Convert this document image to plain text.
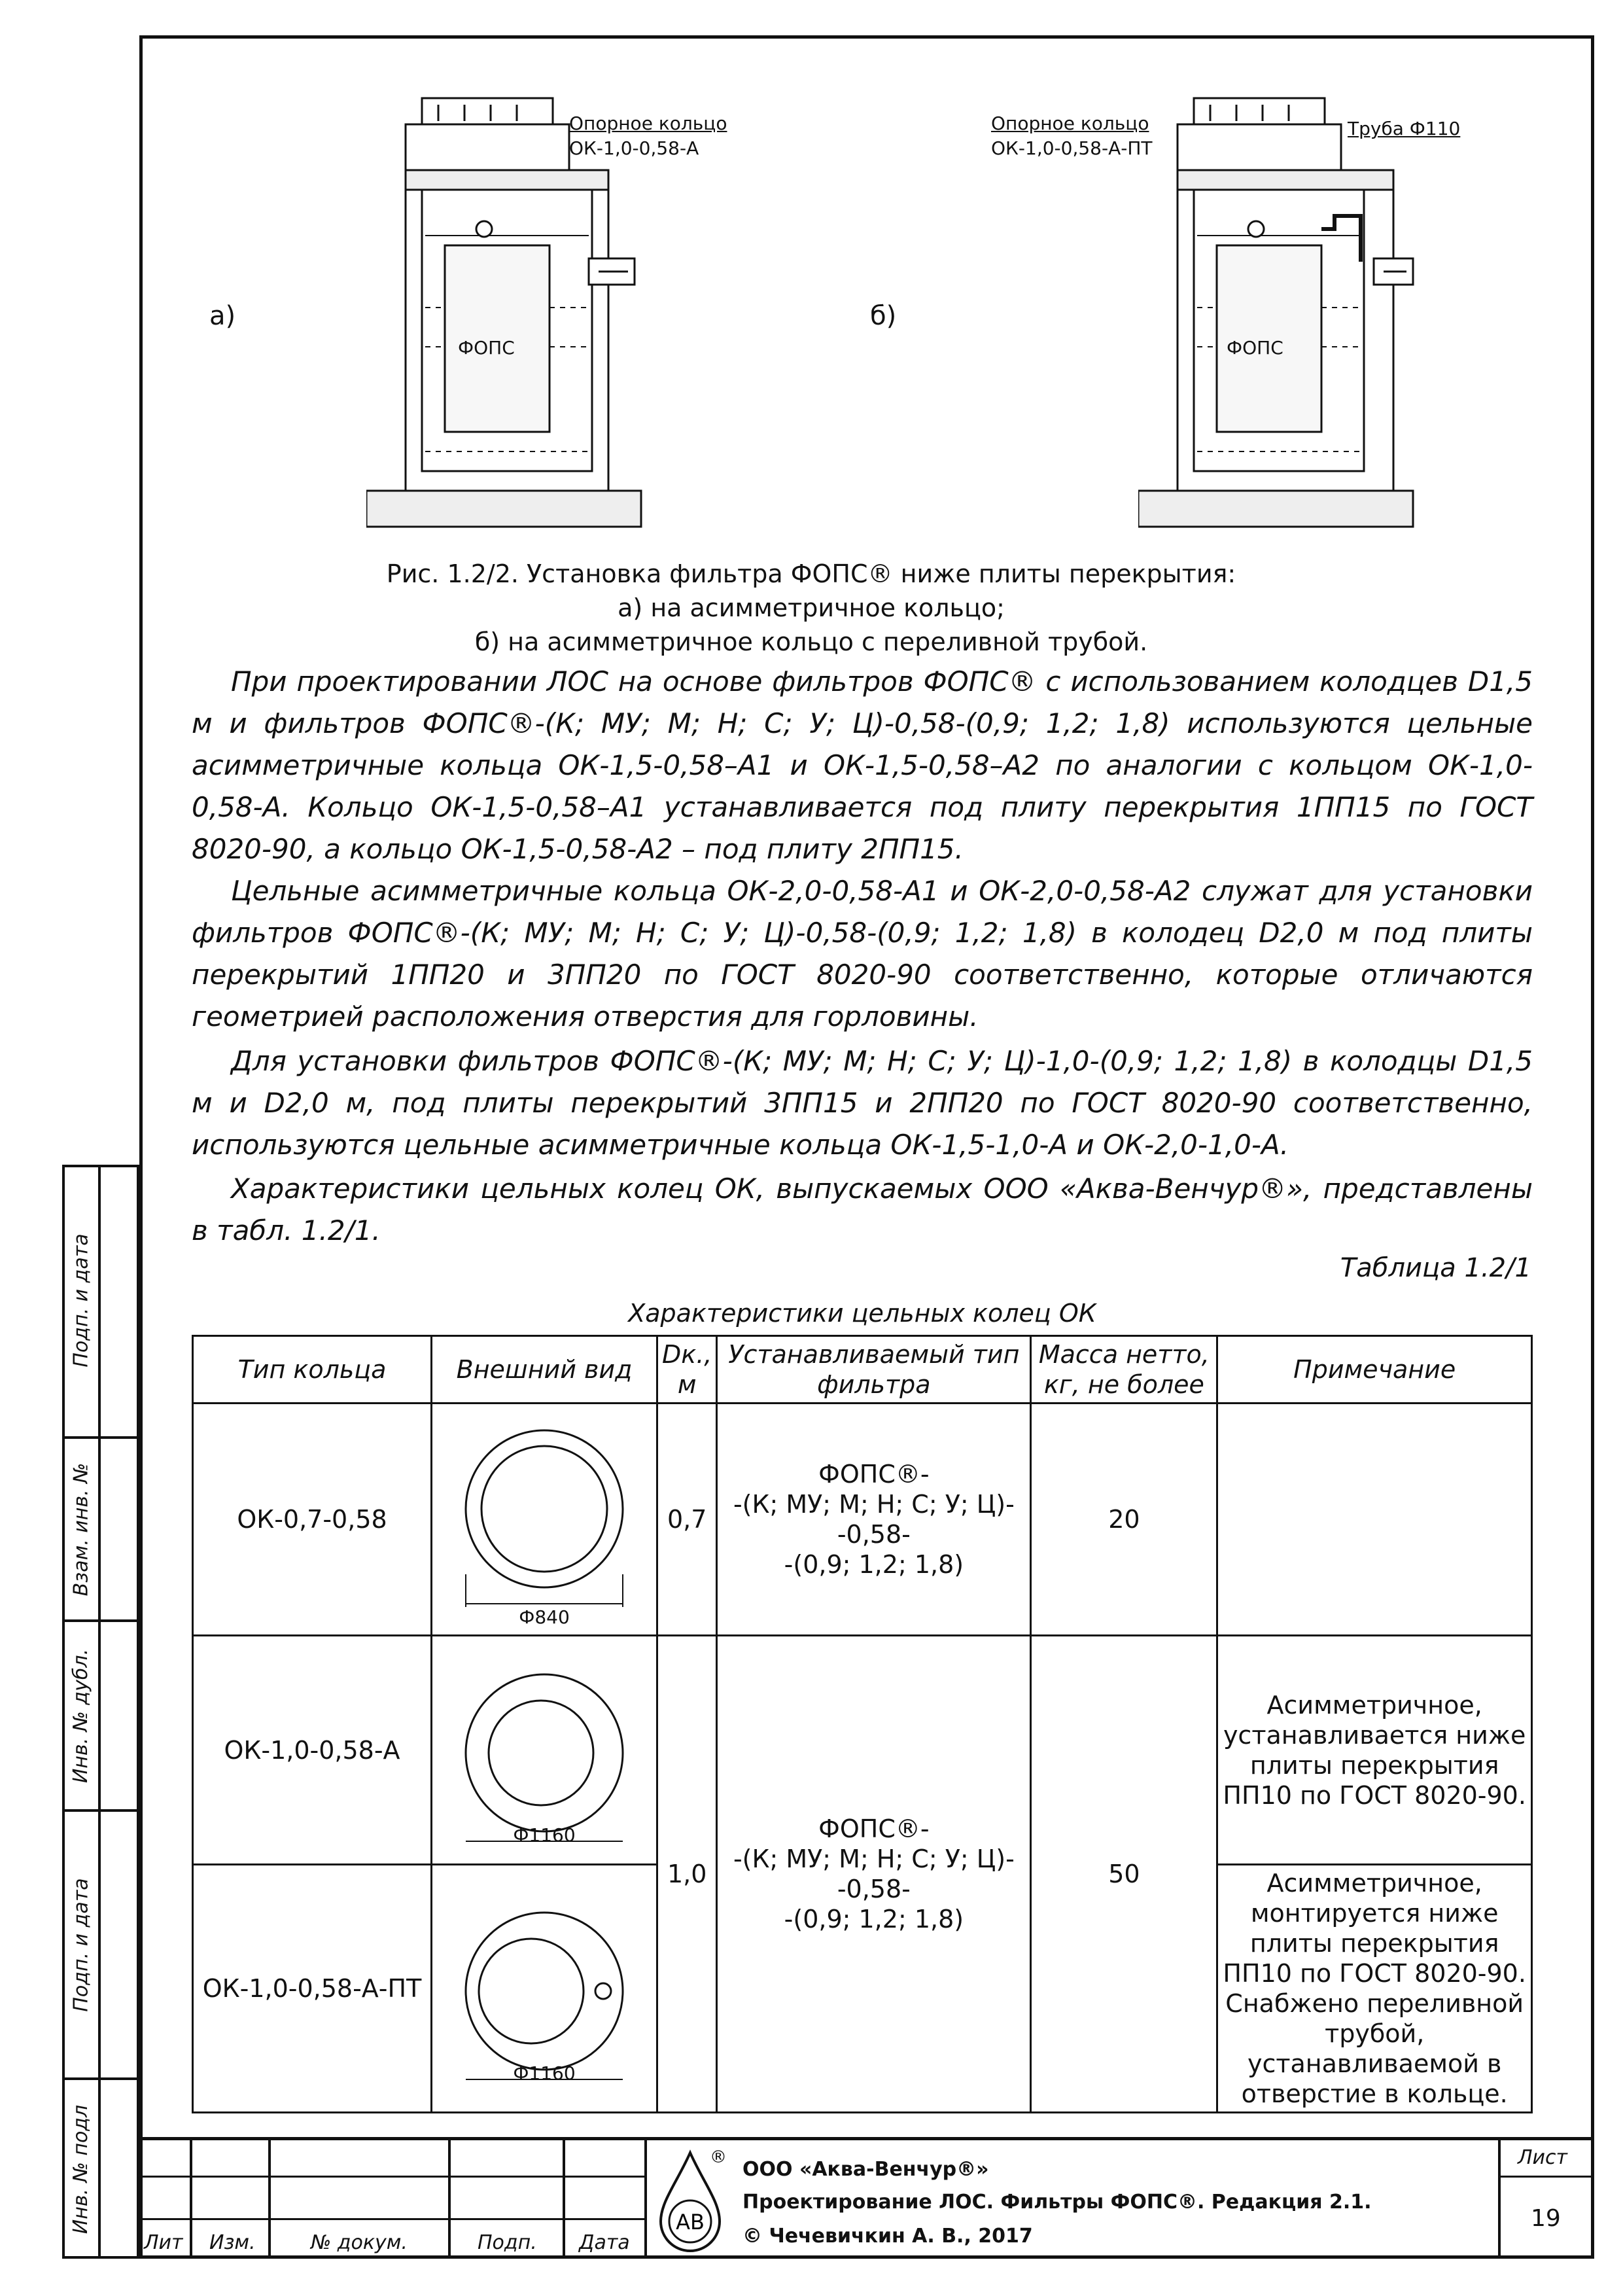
Подп. и дата
Взам. инв. №
Инв. № дубл.
Подп. и дата
Инв. № подл
а)
Опорное кольцо
ОК-1,0-0,58-А
ФОПС
б)
Опорное кольцо
ОК-1,0-0,58-А-ПТ
Труба Ф110
ФОПС
Рис. 1.2/2. Установка фильтра ФОПС® ниже плиты перекрытия:
а) на асимметричное кольцо;
б) на асимметричное кольцо с переливной трубой.
При проектировании ЛОС на основе фильтров ФОПС® с использованием колодцев D1,5 м и фильтров ФОПС®-(К; МУ; М; Н; С; У; Ц)-0,58-(0,9; 1,2; 1,8) используются цельные асимметричные кольца ОК-1,5-0,58–А1 и ОК-1,5-0,58–А2 по аналогии с кольцом ОК-1,0-0,58-А. Кольцо ОК-1,5-0,58–А1 устанавливается под плиту перекрытия 1ПП15 по ГОСТ 8020-90, а кольцо ОК-1,5-0,58-А2 – под плиту 2ПП15.
Цельные асимметричные кольца ОК-2,0-0,58-А1 и ОК-2,0-0,58-А2 служат для установки фильтров ФОПС®-(К; МУ; М; Н; С; У; Ц)-0,58-(0,9; 1,2; 1,8) в колодец D2,0 м под плиты перекрытий 1ПП20 и 3ПП20 по ГОСТ 8020-90 соответственно, которые отличаются геометрией расположения отверстия для горловины.
Для установки фильтров ФОПС®-(К; МУ; М; Н; С; У; Ц)-1,0-(0,9; 1,2; 1,8) в колодцы D1,5 м и D2,0 м, под плиты перекрытий 3ПП15 и 2ПП20 по ГОСТ 8020-90 соответственно, используются цельные асимметричные кольца ОК-1,5-1,0-А и ОК-2,0-1,0-А.
Характеристики цельных колец ОК, выпускаемых ООО «Аква-Венчур®», представлены в табл. 1.2/1.
Таблица 1.2/1
Характеристики цельных колец ОК
Тип кольца	Внешний вид	Dк., м	Устанавливаемый тип фильтра	Масса нетто, кг, не более	Примечание
ОК-0,7-0,58	Ф840	0,7	ФОПС®-
-(К; МУ; М; Н; С; У; Ц)-
-0,58-
-(0,9; 1,2; 1,8)	20	
ОК-1,0-0,58-А	Ф1160	1,0	ФОПС®-
-(К; МУ; М; Н; С; У; Ц)-
-0,58-
-(0,9; 1,2; 1,8)	50	Асимметричное, устанавливается ниже плиты перекрытия ПП10 по ГОСТ 8020-90.
ОК-1,0-0,58-А-ПТ	Ф1160				Асимметричное, монтируется ниже плиты перекрытия ПП10 по ГОСТ 8020-90. Снабжено переливной трубой, устанавливаемой в отверстие в кольце.
Лит Изм.	№ докум.	Подп. Дата
АВ
®
ООО «Аква-Венчур®»
Проектирование ЛОС. Фильтры ФОПС®. Редакция 2.1.
© Чечевичкин А. В., 2017
Лист
19
